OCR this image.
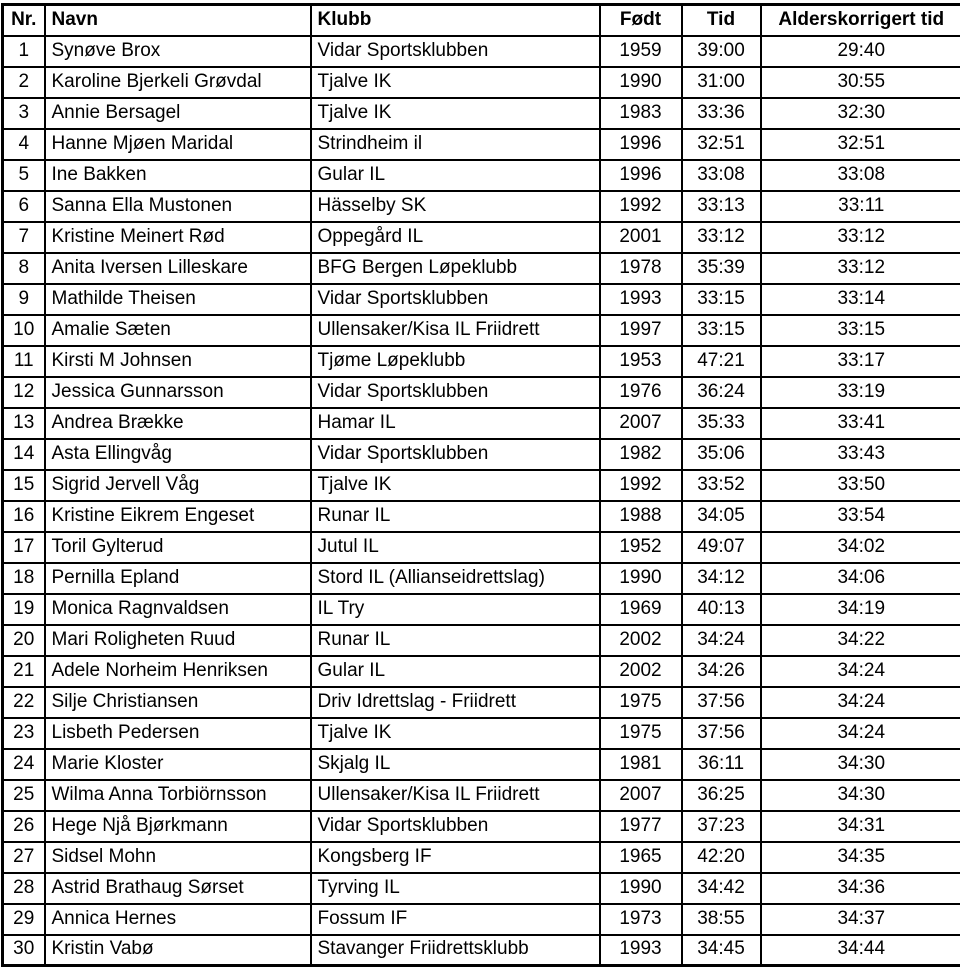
Nr.	Navn	Klubb	Født	Tid	Alderskorrigert tid
1	Synøve Brox	Vidar Sportsklubben	1959	39:00	29:40
2	Karoline Bjerkeli Grøvdal	Tjalve IK	1990	31:00	30:55
3	Annie Bersagel	Tjalve IK	1983	33:36	32:30
4	Hanne Mjøen Maridal	Strindheim il	1996	32:51	32:51
5	Ine Bakken	Gular IL	1996	33:08	33:08
6	Sanna Ella Mustonen	Hässelby SK	1992	33:13	33:11
7	Kristine Meinert Rød	Oppegård IL	2001	33:12	33:12
8	Anita Iversen Lilleskare	BFG Bergen Løpeklubb	1978	35:39	33:12
9	Mathilde Theisen	Vidar Sportsklubben	1993	33:15	33:14
10	Amalie Sæten	Ullensaker/Kisa IL Friidrett	1997	33:15	33:15
11	Kirsti M Johnsen	Tjøme Løpeklubb	1953	47:21	33:17
12	Jessica Gunnarsson	Vidar Sportsklubben	1976	36:24	33:19
13	Andrea Brække	Hamar IL	2007	35:33	33:41
14	Asta Ellingvåg	Vidar Sportsklubben	1982	35:06	33:43
15	Sigrid Jervell Våg	Tjalve IK	1992	33:52	33:50
16	Kristine Eikrem Engeset	Runar IL	1988	34:05	33:54
17	Toril Gylterud	Jutul IL	1952	49:07	34:02
18	Pernilla Epland	Stord IL (Allianseidrettslag)	1990	34:12	34:06
19	Monica Ragnvaldsen	IL Try	1969	40:13	34:19
20	Mari Roligheten Ruud	Runar IL	2002	34:24	34:22
21	Adele Norheim Henriksen	Gular IL	2002	34:26	34:24
22	Silje Christiansen	Driv Idrettslag - Friidrett	1975	37:56	34:24
23	Lisbeth Pedersen	Tjalve IK	1975	37:56	34:24
24	Marie Kloster	Skjalg IL	1981	36:11	34:30
25	Wilma Anna Torbiörnsson	Ullensaker/Kisa IL Friidrett	2007	36:25	34:30
26	Hege Njå Bjørkmann	Vidar Sportsklubben	1977	37:23	34:31
27	Sidsel Mohn	Kongsberg IF	1965	42:20	34:35
28	Astrid Brathaug Sørset	Tyrving IL	1990	34:42	34:36
29	Annica Hernes	Fossum IF	1973	38:55	34:37
30	Kristin Vabø	Stavanger Friidrettsklubb	1993	34:45	34:44
